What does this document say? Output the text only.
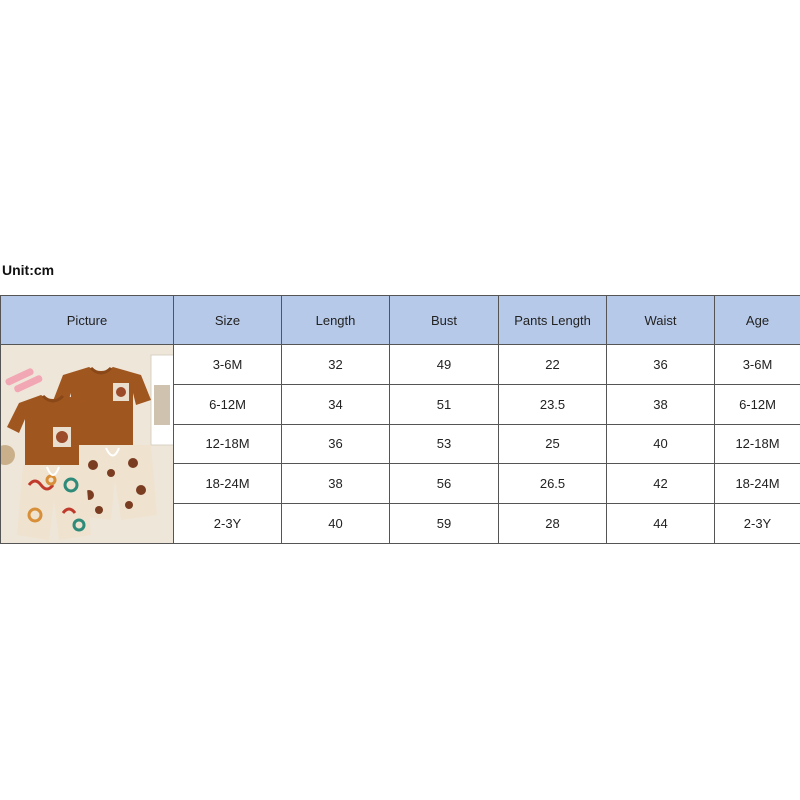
Unit:cm
Picture	Size	Length	Bust	Pants Length	Waist	Age

	3-6M	32	49	22	36	3-6M
	6-12M	34	51	23.5	38	6-12M
	12-18M	36	53	25	40	12-18M
	18-24M	38	56	26.5	42	18-24M
	2-3Y	40	59	28	44	2-3Y
